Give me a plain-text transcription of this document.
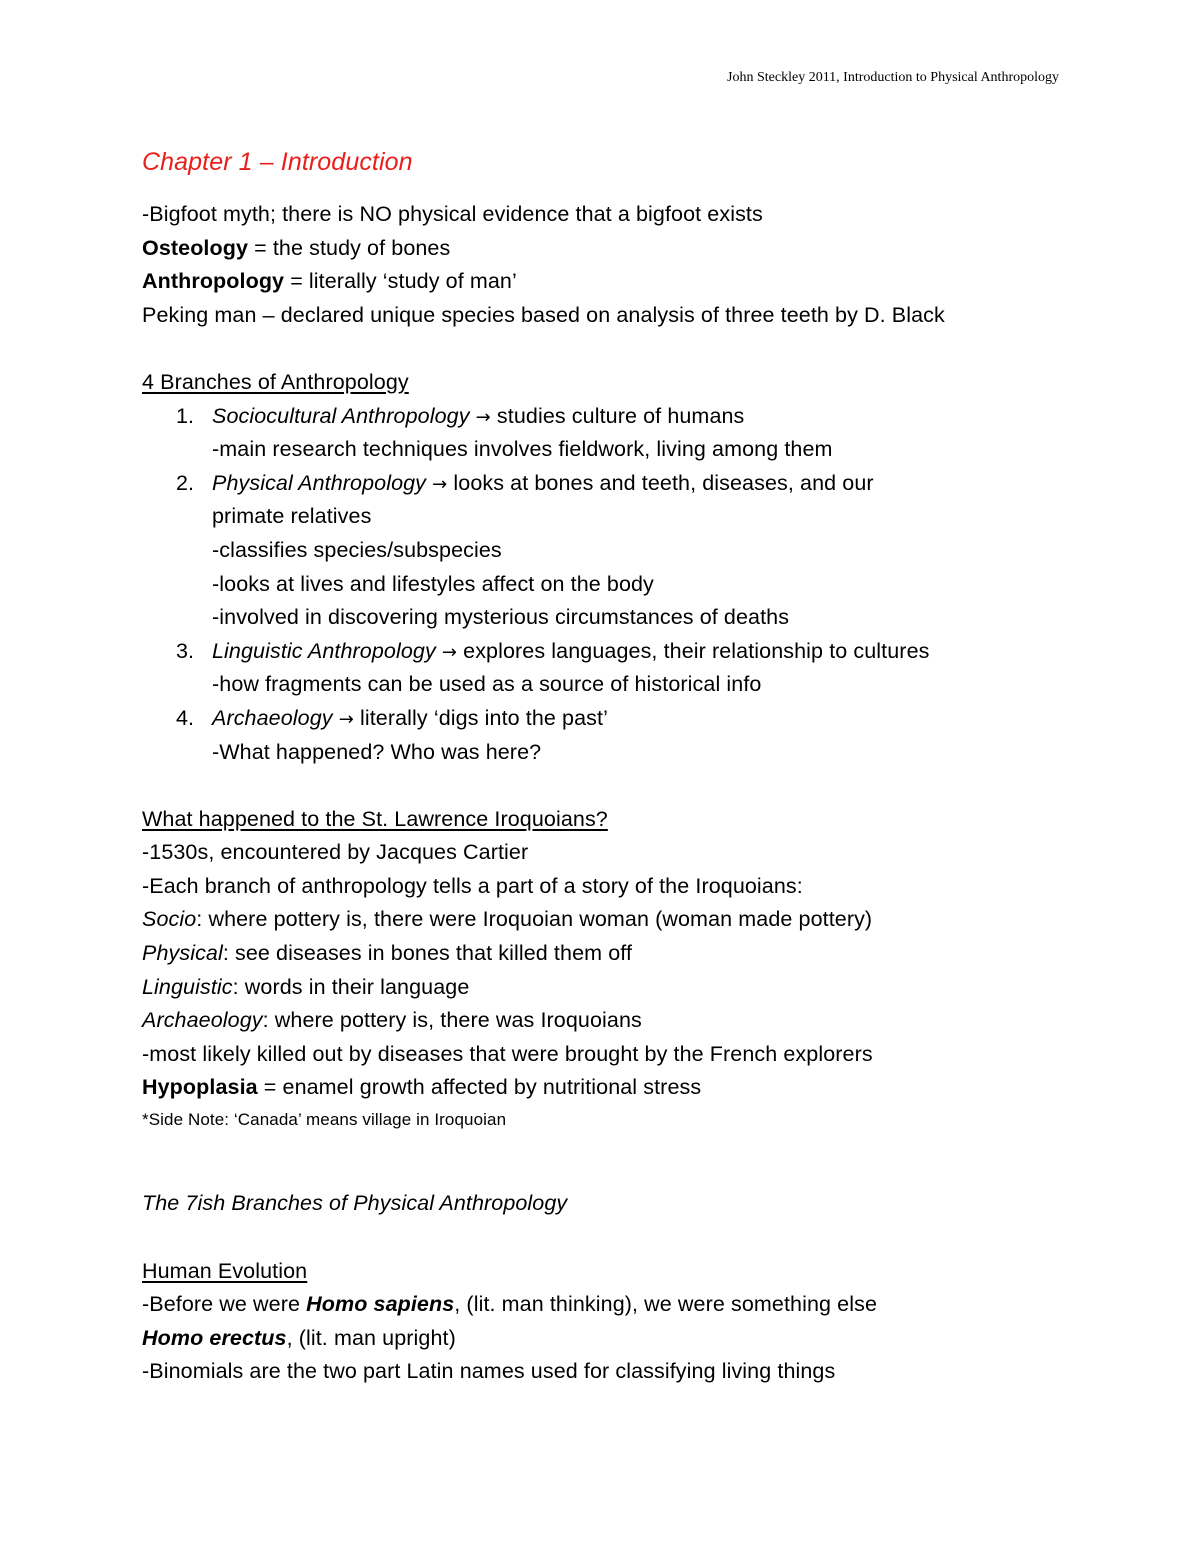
John Steckley 2011, Introduction to Physical Anthropology
Chapter 1 – Introduction
-Bigfoot myth; there is NO physical evidence that a bigfoot exists
Osteology = the study of bones
Anthropology = literally ‘study of man’
Peking man – declared unique species based on analysis of three teeth by D. Black
4 Branches of Anthropology
1. Sociocultural Anthropology → studies culture of humans
-main research techniques involves fieldwork, living among them
2. Physical Anthropology → looks at bones and teeth, diseases, and our
primate relatives
-classifies species/subspecies
-looks at lives and lifestyles affect on the body
-involved in discovering mysterious circumstances of deaths
3. Linguistic Anthropology → explores languages, their relationship to cultures
-how fragments can be used as a source of historical info
4. Archaeology → literally ‘digs into the past’
-What happened? Who was here?
What happened to the St. Lawrence Iroquoians?
-1530s, encountered by Jacques Cartier
-Each branch of anthropology tells a part of a story of the Iroquoians:
Socio: where pottery is, there were Iroquoian woman (woman made pottery)
Physical: see diseases in bones that killed them off
Linguistic: words in their language
Archaeology: where pottery is, there was Iroquoians
-most likely killed out by diseases that were brought by the French explorers
Hypoplasia = enamel growth affected by nutritional stress
*Side Note: ‘Canada’ means village in Iroquoian
The 7ish Branches of Physical Anthropology
Human Evolution
-Before we were Homo sapiens, (lit. man thinking), we were something else
Homo erectus, (lit. man upright)
-Binomials are the two part Latin names used for classifying living things
